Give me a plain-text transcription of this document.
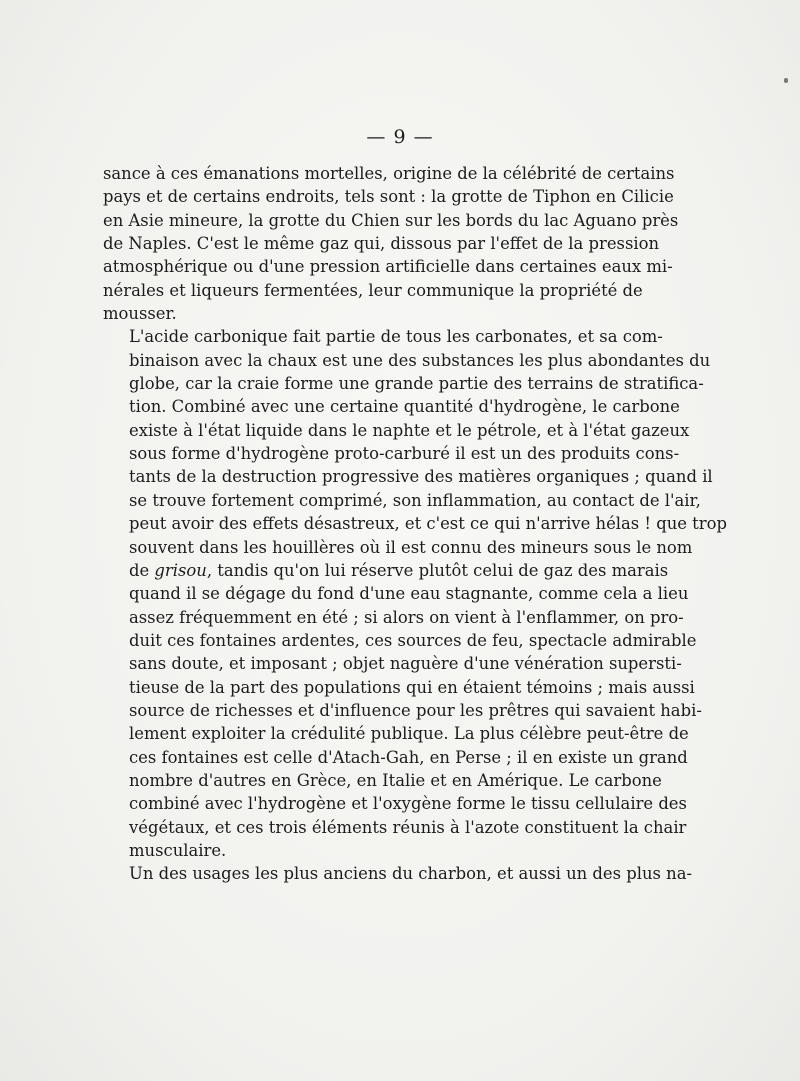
— 9 —

sance à ces émanations mortelles, origine de la célébrité de certains
pays et de certains endroits, tels sont : la grotte de Tiphon en Cilicie
en Asie mineure, la grotte du Chien sur les bords du lac Aguano près
de Naples. C'est le même gaz qui, dissous par l'effet de la pression
atmosphérique ou d'une pression artificielle dans certaines eaux mi-
nérales et liqueurs fermentées, leur communique la propriété de
mousser.

L'acide carbonique fait partie de tous les carbonates, et sa com-
binaison avec la chaux est une des substances les plus abondantes du
globe, car la craie forme une grande partie des terrains de stratifica-
tion. Combiné avec une certaine quantité d'hydrogène, le carbone
existe à l'état liquide dans le naphte et le pétrole, et à l'état gazeux
sous forme d'hydrogène proto-carburé il est un des produits cons-
tants de la destruction progressive des matières organiques ; quand il
se trouve fortement comprimé, son inflammation, au contact de l'air,
peut avoir des effets désastreux, et c'est ce qui n'arrive hélas ! que trop
souvent dans les houillères où il est connu des mineurs sous le nom
de grisou, tandis qu'on lui réserve plutôt celui de gaz des marais
quand il se dégage du fond d'une eau stagnante, comme cela a lieu
assez fréquemment en été ; si alors on vient à l'enflammer, on pro-
duit ces fontaines ardentes, ces sources de feu, spectacle admirable
sans doute, et imposant ; objet naguère d'une vénération supersti-
tieuse de la part des populations qui en étaient témoins ; mais aussi
source de richesses et d'influence pour les prêtres qui savaient habi-
lement exploiter la crédulité publique. La plus célèbre peut-être de
ces fontaines est celle d'Atach-Gah, en Perse ; il en existe un grand
nombre d'autres en Grèce, en Italie et en Amérique. Le carbone
combiné avec l'hydrogène et l'oxygène forme le tissu cellulaire des
végétaux, et ces trois éléments réunis à l'azote constituent la chair
musculaire.

Un des usages les plus anciens du charbon, et aussi un des plus na-
